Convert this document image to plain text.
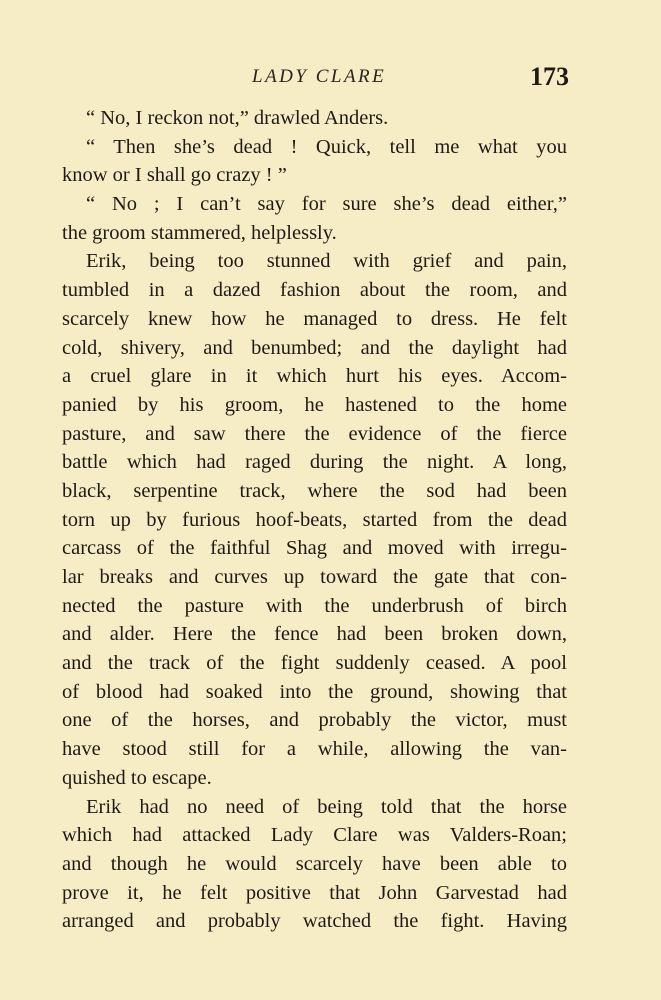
LADY CLARE	173
“ No, I reckon not,” drawled Anders.
“ Then she’s dead ! Quick, tell me what you
know or I shall go crazy ! ”
“ No ; I can’t say for sure she’s dead either,”
the groom stammered, helplessly.
Erik, being too stunned with grief and pain,
tumbled in a dazed fashion about the room, and
scarcely knew how he managed to dress. He felt
cold, shivery, and benumbed; and the daylight had
a cruel glare in it which hurt his eyes. Accom-
panied by his groom, he hastened to the home
pasture, and saw there the evidence of the fierce
battle which had raged during the night. A long,
black, serpentine track, where the sod had been
torn up by furious hoof-beats, started from the dead
carcass of the faithful Shag and moved with irregu-
lar breaks and curves up toward the gate that con-
nected the pasture with the underbrush of birch
and alder. Here the fence had been broken down,
and the track of the fight suddenly ceased. A pool
of blood had soaked into the ground, showing that
one of the horses, and probably the victor, must
have stood still for a while, allowing the van-
quished to escape.
Erik had no need of being told that the horse
which had attacked Lady Clare was Valders-Roan;
and though he would scarcely have been able to
prove it, he felt positive that John Garvestad had
arranged and probably watched the fight. Having
